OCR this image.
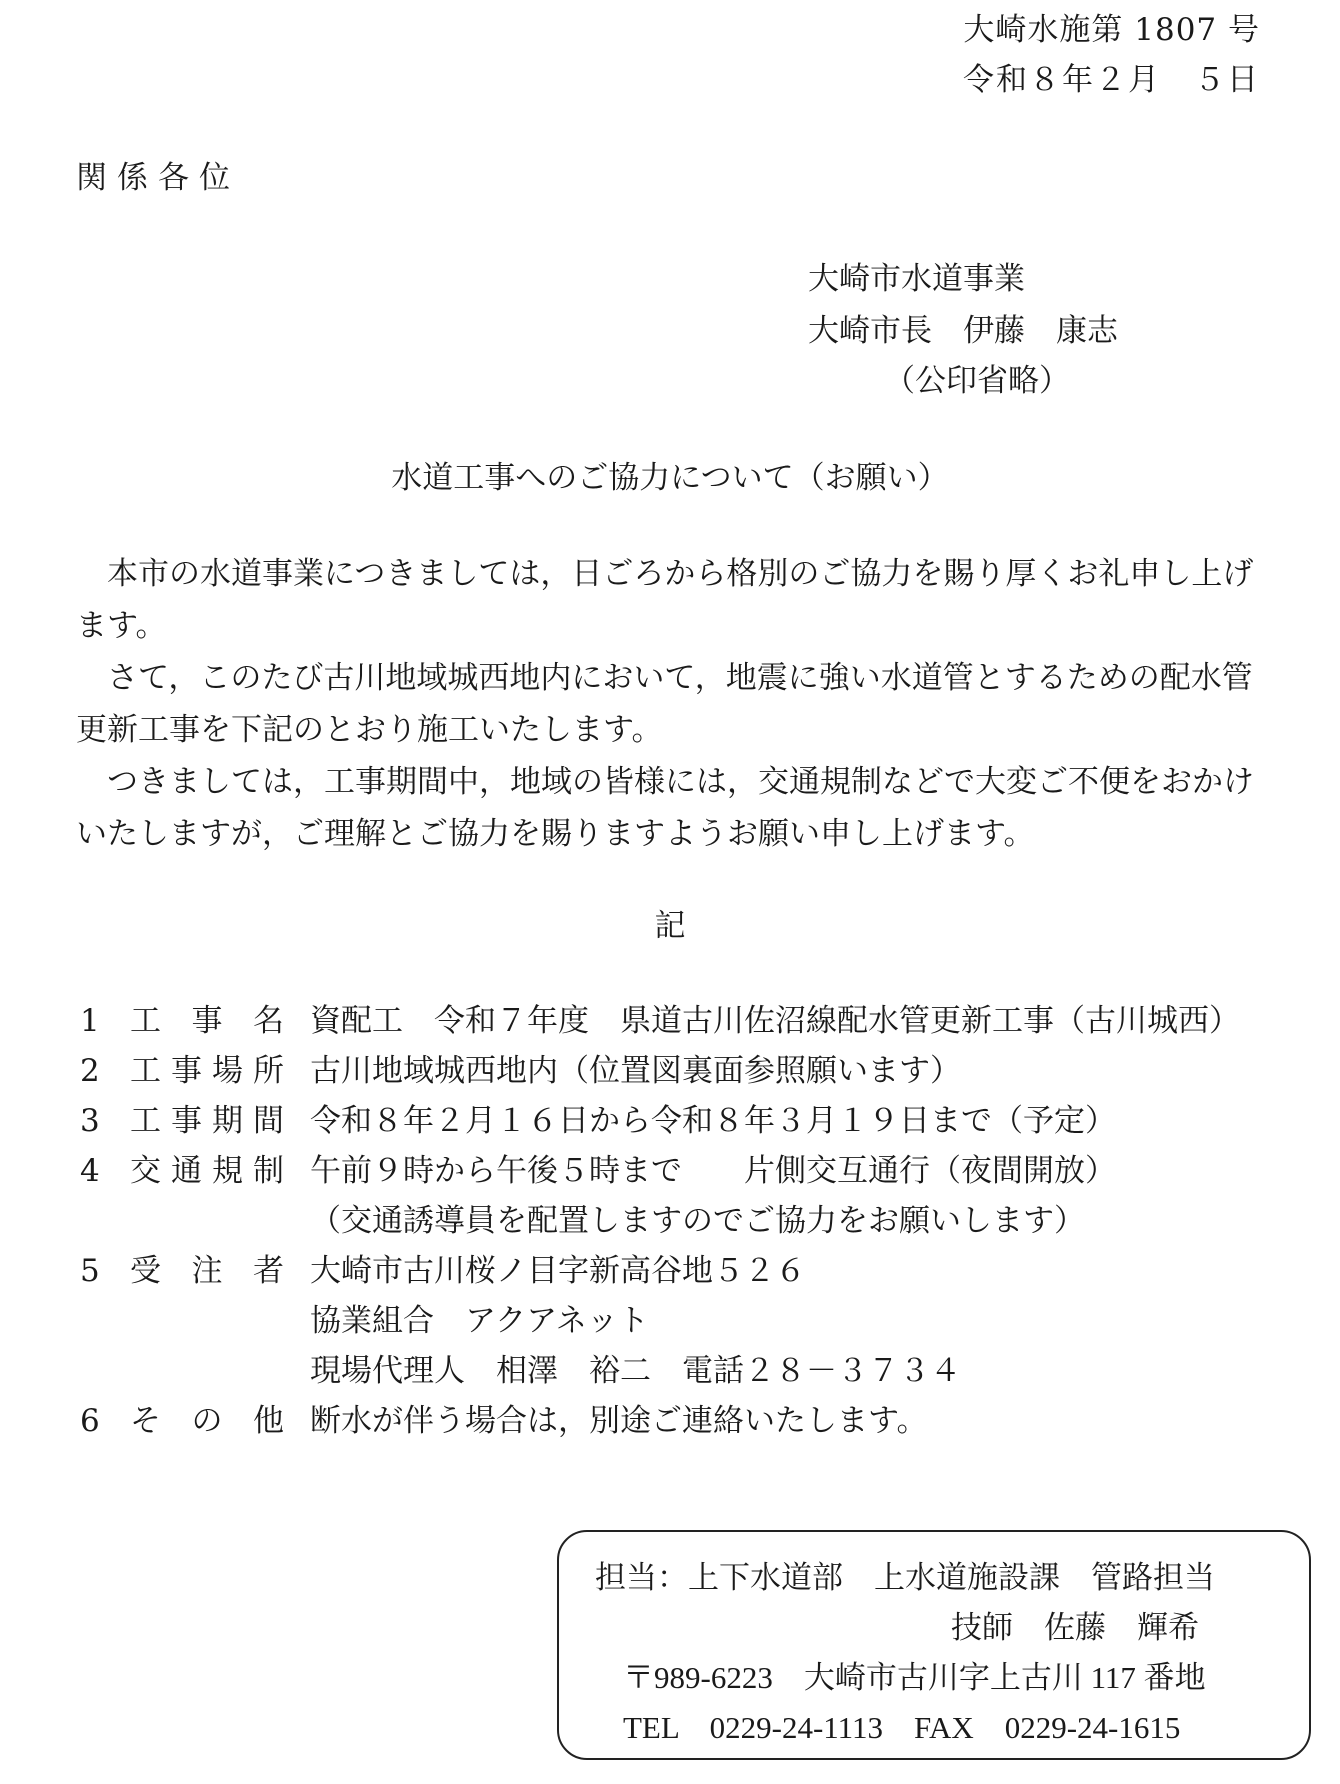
大崎水施第 1807 号
令和８年２月　５日
関係各位
大崎市水道事業
大崎市長　伊藤　康志
（公印省略）
水道工事へのご協力について（お願い）

本市の水道事業につきましては，日ごろから格別のご協力を賜り厚くお礼申し上げます。

さて，このたび古川地域城西地内において，地震に強い水道管とするための配水管更新工事を下記のとおり施工いたします。

つきましては，工事期間中，地域の皆様には，交通規制などで大変ご不便をおかけいたしますが，ご理解とご協力を賜りますようお願い申し上げます。

記
1 工事名 資配工　令和７年度　県道古川佐沼線配水管更新工事（古川城西）
2 工事場所 古川地域城西地内（位置図裏面参照願います）
3 工事期間 令和８年２月１６日から令和８年３月１９日まで（予定）
4 交通規制 午前９時から午後５時まで　　片側交互通行（夜間開放）
（交通誘導員を配置しますのでご協力をお願いします）
5 受注者 大崎市古川桜ノ目字新高谷地５２６
協業組合　アクアネット
現場代理人　相澤　裕二　電話２８－３７３４
6 その他 断水が伴う場合は，別途ご連絡いたします。
担当：上下水道部　上水道施設課　管路担当
技師　佐藤　輝希
〒989-6223　大崎市古川字上古川 117 番地
TEL　0229-24-1113　FAX　0229-24-1615
